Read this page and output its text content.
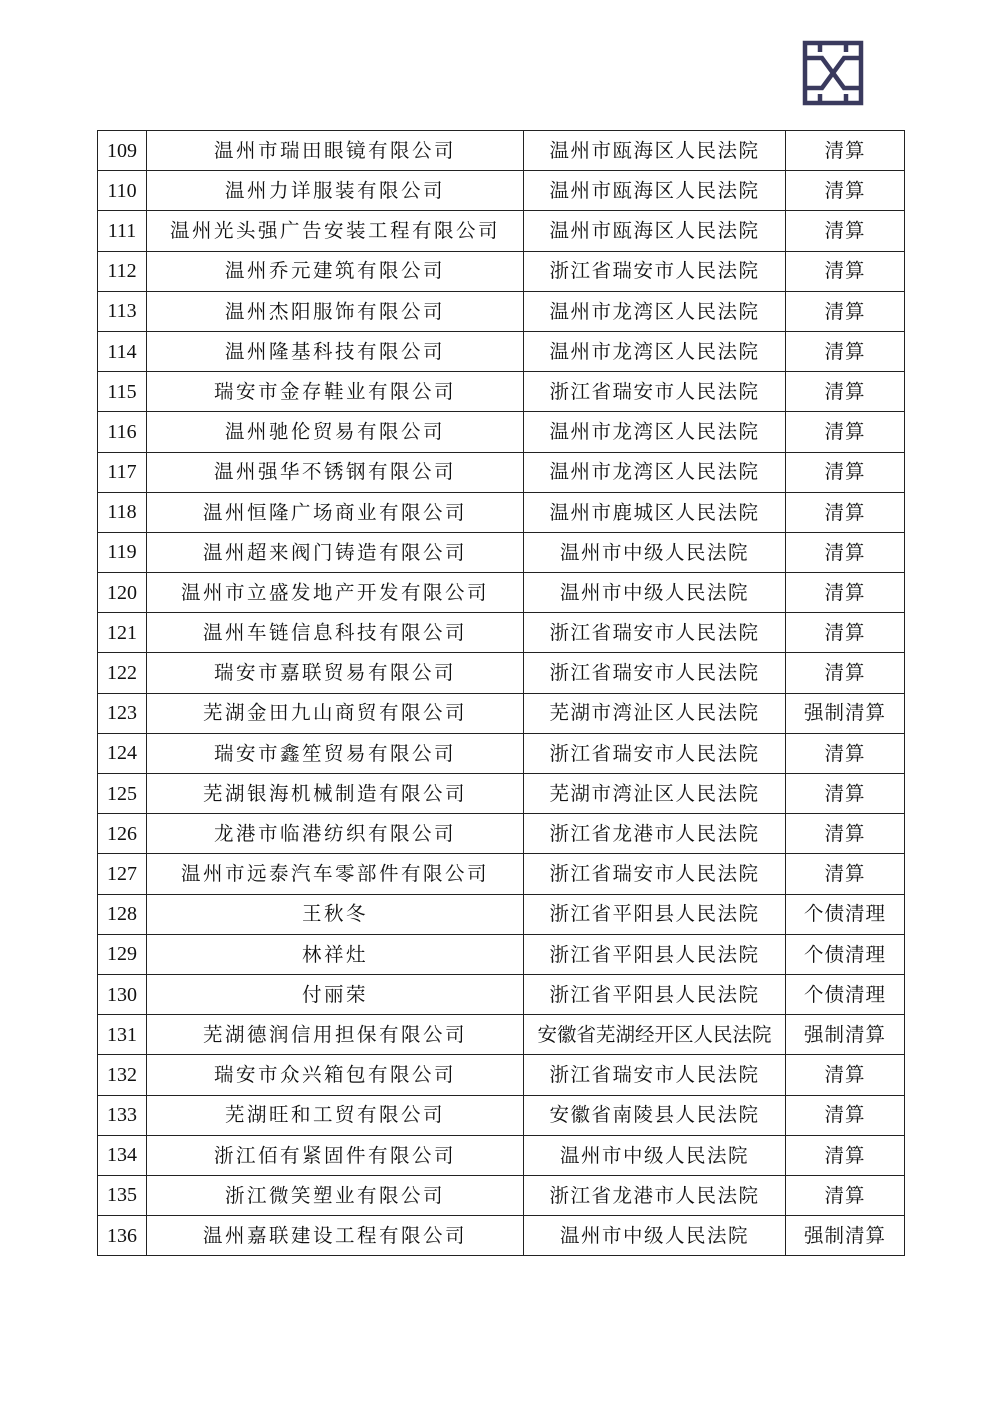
109	温州市瑞田眼镜有限公司	温州市瓯海区人民法院	清算
110	温州力详服装有限公司	温州市瓯海区人民法院	清算
111	温州光头强广告安装工程有限公司	温州市瓯海区人民法院	清算
112	温州乔元建筑有限公司	浙江省瑞安市人民法院	清算
113	温州杰阳服饰有限公司	温州市龙湾区人民法院	清算
114	温州隆基科技有限公司	温州市龙湾区人民法院	清算
115	瑞安市金存鞋业有限公司	浙江省瑞安市人民法院	清算
116	温州驰伦贸易有限公司	温州市龙湾区人民法院	清算
117	温州强华不锈钢有限公司	温州市龙湾区人民法院	清算
118	温州恒隆广场商业有限公司	温州市鹿城区人民法院	清算
119	温州超来阀门铸造有限公司	温州市中级人民法院	清算
120	温州市立盛发地产开发有限公司	温州市中级人民法院	清算
121	温州车链信息科技有限公司	浙江省瑞安市人民法院	清算
122	瑞安市嘉联贸易有限公司	浙江省瑞安市人民法院	清算
123	芜湖金田九山商贸有限公司	芜湖市湾沚区人民法院	强制清算
124	瑞安市鑫笙贸易有限公司	浙江省瑞安市人民法院	清算
125	芜湖银海机械制造有限公司	芜湖市湾沚区人民法院	清算
126	龙港市临港纺织有限公司	浙江省龙港市人民法院	清算
127	温州市远泰汽车零部件有限公司	浙江省瑞安市人民法院	清算
128	王秋冬	浙江省平阳县人民法院	个债清理
129	林祥灶	浙江省平阳县人民法院	个债清理
130	付丽荣	浙江省平阳县人民法院	个债清理
131	芜湖德润信用担保有限公司	安徽省芜湖经开区人民法院	强制清算
132	瑞安市众兴箱包有限公司	浙江省瑞安市人民法院	清算
133	芜湖旺和工贸有限公司	安徽省南陵县人民法院	清算
134	浙江佰有紧固件有限公司	温州市中级人民法院	清算
135	浙江微笑塑业有限公司	浙江省龙港市人民法院	清算
136	温州嘉联建设工程有限公司	温州市中级人民法院	强制清算
